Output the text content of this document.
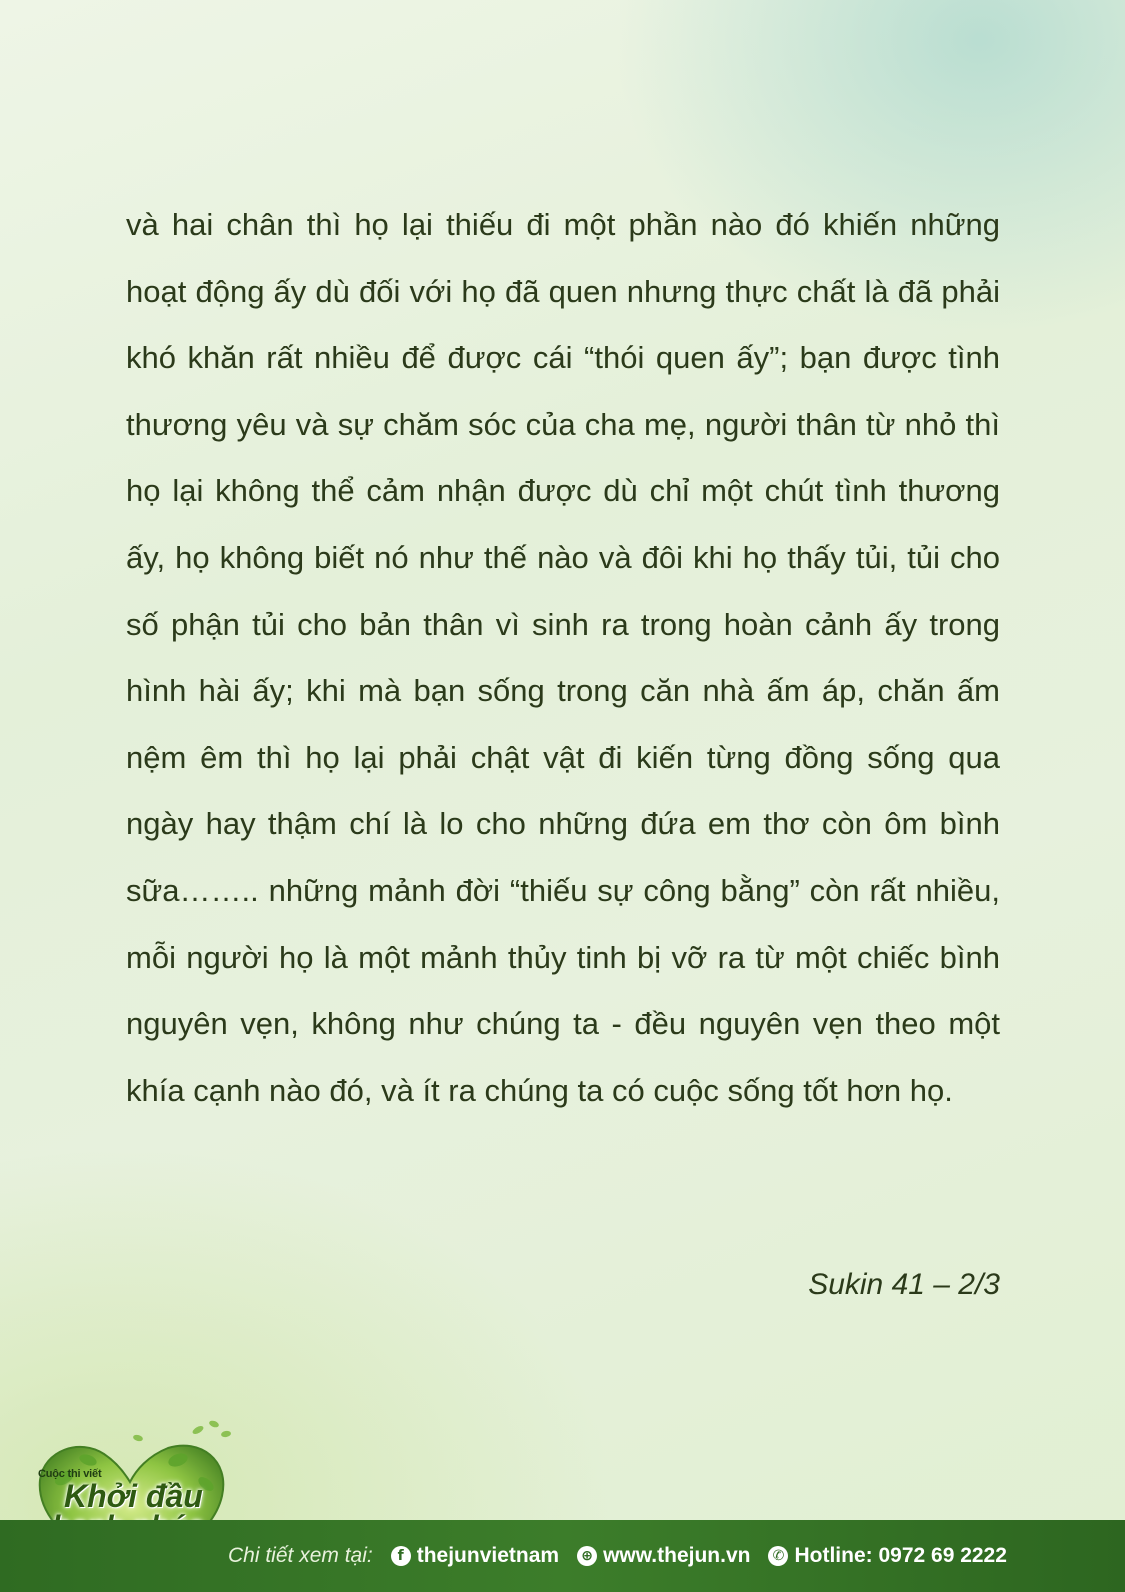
và hai chân thì họ lại thiếu đi một phần nào đó khiến những hoạt động ấy dù đối với họ đã quen nhưng thực chất là đã phải khó khăn rất nhiều để được cái “thói quen ấy”; bạn được tình thương yêu và sự chăm sóc của cha mẹ, người thân từ nhỏ thì họ lại không thể cảm nhận được dù chỉ một chút tình thương ấy, họ không biết nó như thế nào và đôi khi họ thấy tủi, tủi cho số phận tủi cho bản thân vì sinh ra trong hoàn cảnh ấy trong hình hài ấy; khi mà bạn sống trong căn nhà ấm áp, chăn ấm nệm êm thì họ lại phải chật vật đi kiến từng đồng sống qua ngày hay thậm chí là lo cho những đứa em thơ còn ôm bình sữa…….. những mảnh đời “thiếu sự công bằng” còn rất nhiều, mỗi người họ là một mảnh thủy tinh bị vỡ ra từ một chiếc bình nguyên vẹn, không như chúng ta - đều nguyên vẹn theo một khía cạnh nào đó, và ít ra chúng ta có cuộc sống tốt hơn họ.

Sukin 41 – 2/3

Cuộc thi viết
Khởi đầu
Chi tiết xem tại:	f thejunvietnam ⊕ www.thejun.vn ✆ Hotline: 0972 69 2222
